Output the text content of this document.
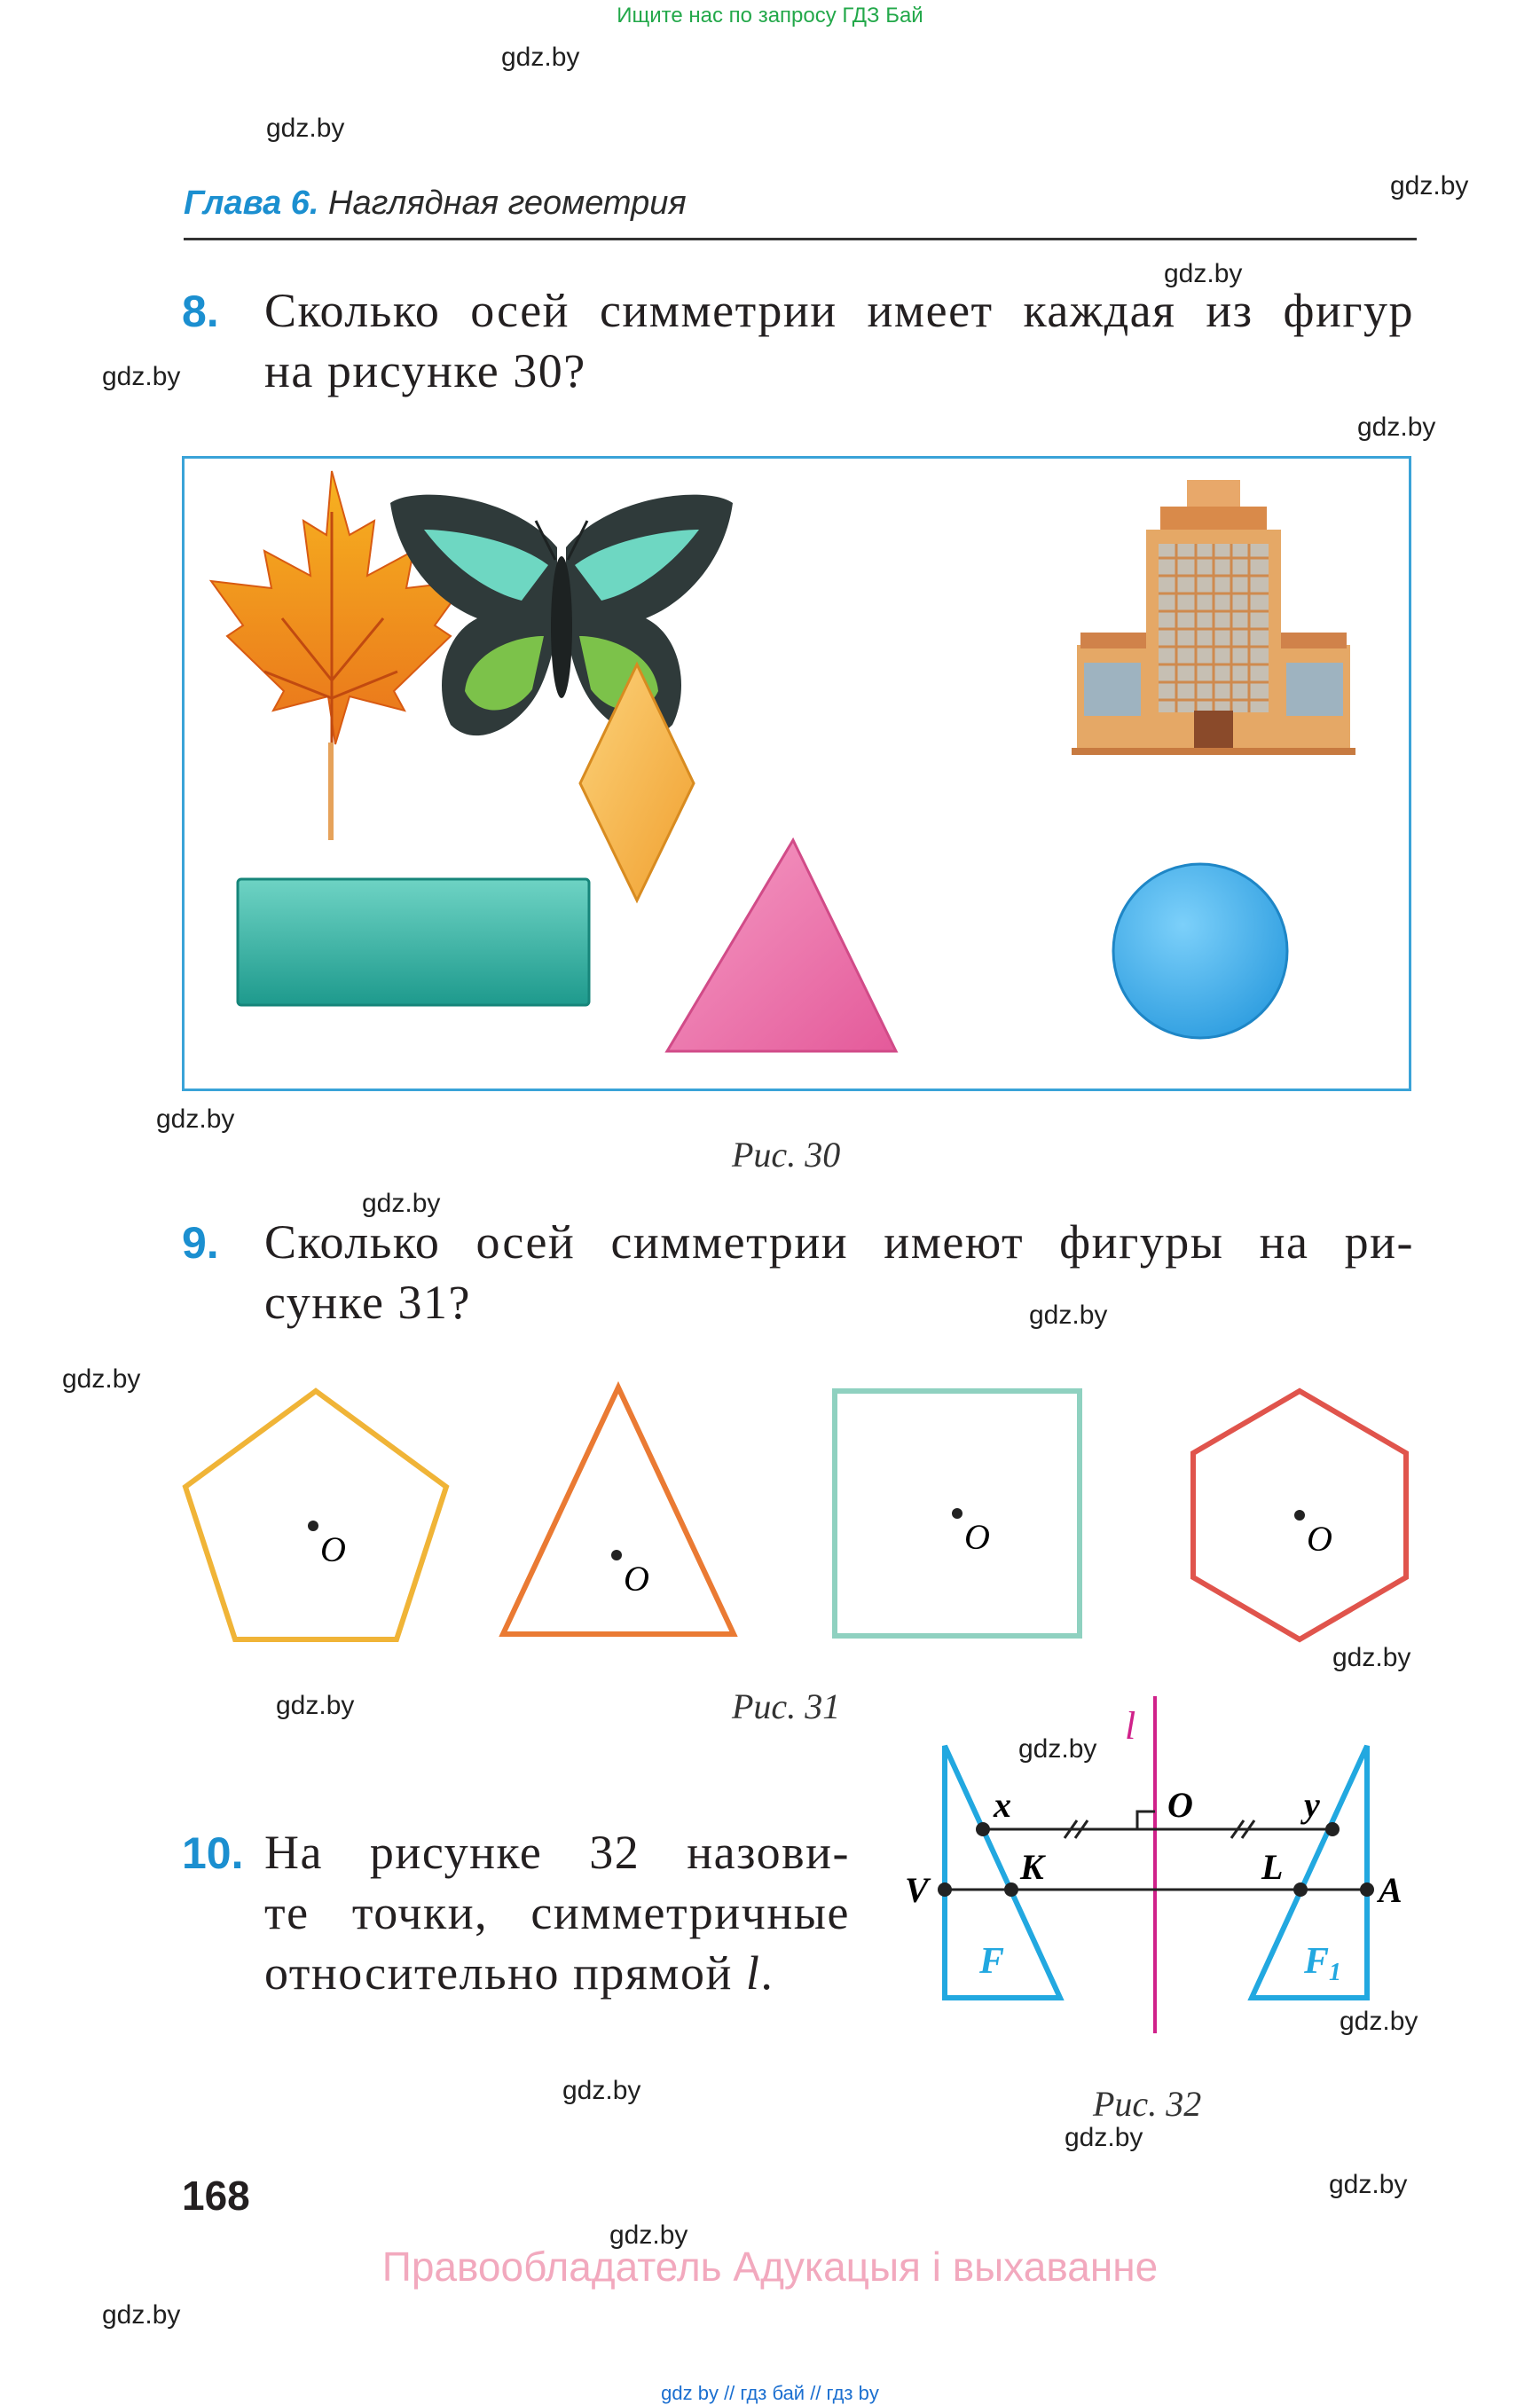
Ищите нас по запросу ГДЗ Бай
gdz.by
gdz.by
gdz.by
gdz.by
gdz.by
gdz.by
gdz.by
gdz.by
gdz.by
gdz.by
gdz.by
gdz.by
gdz.by
gdz.by
gdz.by
gdz.by
gdz.by
gdz.by
gdz.by
Глава 6. Наглядная геометрия
8. Сколько осей симметрии имеет каждая из фигур
на рисунке 30?
Рис. 30
9. Сколько осей симметрии имеют фигуры на ри-
сунке 31?
O
O
O	O
Рис. 31
10. На рисунке 32 назови-
те точки, симметричные
относительно прямой l.
l
F	F1
x	O	y
V
K	L
A
Рис. 32
168
Правообладатель Адукацыя і выхаванне
gdz by // гдз бай // гдз by
